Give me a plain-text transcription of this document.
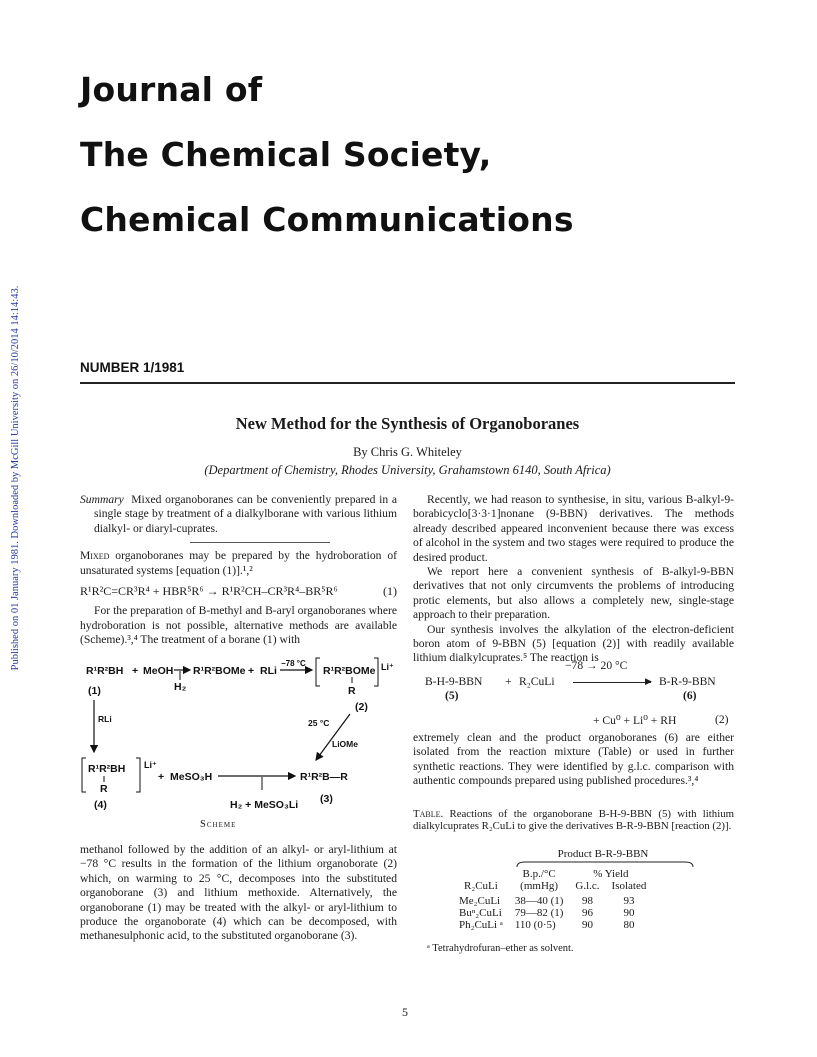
Published on 01 January 1981. Downloaded by McGill University on 26/10/2014 14:14:43.
Journal of
The Chemical Society,
Chemical Communications
NUMBER 1/1981
New Method for the Synthesis of Organoboranes
By Chris G. Whiteley
(Department of Chemistry, Rhodes University, Grahamstown 6140, South Africa)

Summary Mixed organoboranes can be conveniently prepared in a single stage by treatment of a dialkylborane with various lithium dialkyl- or diaryl-cuprates.

Mixed organoboranes may be prepared by the hydroboration of unsaturated systems [equation (1)].¹,²

R¹R²C=CR³R⁴ + HBR⁵R⁶ → R¹R²CH–CR³R⁴–BR⁵R⁶	(1)

For the preparation of B-methyl and B-aryl organoboranes where hydroboration is not possible, alternative methods are available (Scheme).³,⁴ The treatment of a borane (1) with

R¹R²BH + MeOH
H₂
R¹R²BOMe + RLi
−78 °C
R¹R²BOMe
R
Li⁺
(1)
(2)
RLi	25 °C
LiOMe
R¹R²BH
R
Li⁺
+ MeSO₃H	R¹R²B—R
(4)	H₂ + MeSO₃Li (3)
Scheme

methanol followed by the addition of an alkyl- or aryl-lithium at −78 °C results in the formation of the lithium organoborate (2) which, on warming to 25 °C, decomposes into the substituted organoborane (3) and lithium methoxide. Alternatively, the organoborane (1) may be treated with the alkyl- or aryl-lithium to produce the organoborate (4) which can be decomposed, with methanesulphonic acid, to the substituted organoborane (3).

Recently, we had reason to synthesise, in situ, various B-alkyl-9-borabicyclo[3·3·1]nonane (9-BBN) derivatives. The methods already described appeared inconvenient because there was excess of alcohol in the system and two stages were required to produce the desired product.

We report here a convenient synthesis of B-alkyl-9-BBN derivatives that not only circumvents the problems of introducing protic elements, but also allows a completely new, single-stage approach to their preparation.

Our synthesis involves the alkylation of the electron-deficient boron atom of 9-BBN (5) [equation (2)] with readily available lithium dialkylcuprates.⁵ The reaction is

−78 → 20 °C
B-H-9-BBN + R₂CuLi	▶ B-R-9-BBN
(5)	(6)
+ Cu⁰ + Li⁰ + RH	(2)

extremely clean and the product organoboranes (6) are either isolated from the reaction mixture (Table) or used in further synthetic reactions. They were identified by g.l.c. comparison with authentic compounds prepared using published procedures.³,⁴

Table. Reactions of the organoborane B-H-9-BBN (5) with lithium dialkylcuprates R₂CuLi to give the derivatives B-R-9-BBN [reaction (2)].
Product B-R-9-BBN
	B.p./°C	% Yield	
R₂CuLi	(mmHg)	G.l.c.	Isolated

Me₂CuLi	38—40 (1)	98	93
Buⁿ₂CuLi	79—82 (1)	96	90
Ph₂CuLi ᵃ	110 (0·5)	90	80
ᵃ Tetrahydrofuran–ether as solvent.
5
